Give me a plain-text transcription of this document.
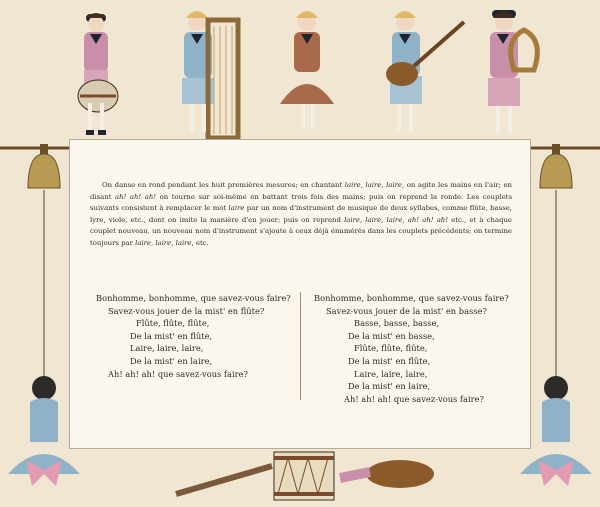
On danse en rond pendant les huit premières mesures; en chantant laire, laire, laire, on agite les mains en l'air; en disant ah! ah! ah! on tourne sur soi-même en battant trois fois des mains; puis on reprend la ronde. Les couplets suivants consistent à remplacer le mot laire par un nom d'instrument de musique de deux syllabes, comme flûte, basse, lyre, viole, etc., dont on imite la manière d'en jouer; puis on reprend laire, laire, laire, ah! ah! ah! etc., et à chaque couplet nouveau, un nouveau nom d'instrument s'ajoute à ceux déjà énumérés dans les couplets précédents; on termine toujours par laire, laire, laire, etc.

Bonhomme, bonhomme, que savez-vous faire?
Savez-vous jouer de la mist' en flûte?
Flûte, flûte, flûte,
De la mist' en flûte,
Laire, laire, laire,
De la mist' en laire,
Ah! ah! ah! que savez-vous faire?
Bonhomme, bonhomme, que savez-vous faire?
Savez-vous jouer de la mist' en basse?
Basse, basse, basse,
De la mist' en basse,
Flûte, flûte, flûte,
De la mist' en flûte,
Laire, laire, laire,
De la mist' en laire,
Ah! ah! ah! que savez-vous faire?
